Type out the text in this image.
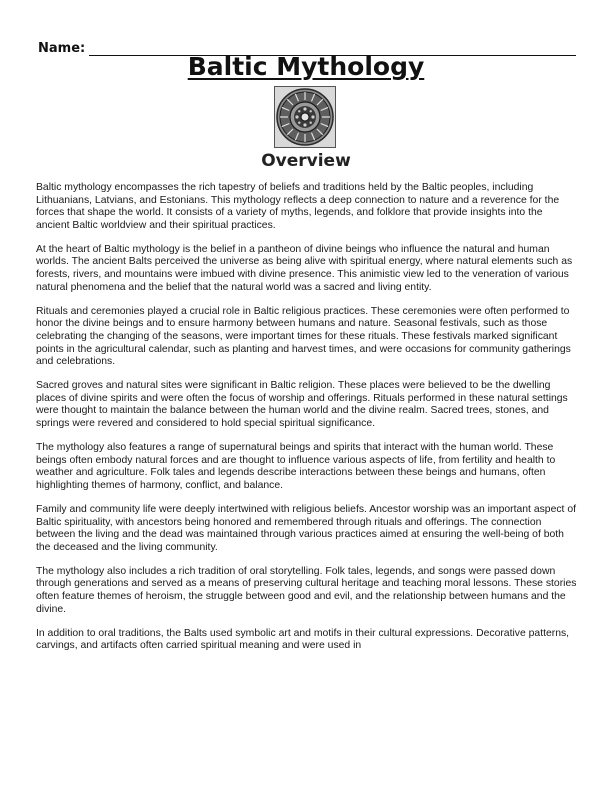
Name:
Baltic Mythology
Overview

Baltic mythology encompasses the rich tapestry of beliefs and traditions held by the Baltic peoples, including Lithuanians, Latvians, and Estonians. This mythology reflects a deep connection to nature and a reverence for the forces that shape the world. It consists of a variety of myths, legends, and folklore that provide insights into the ancient Baltic worldview and their spiritual practices.

At the heart of Baltic mythology is the belief in a pantheon of divine beings who influence the natural and human worlds. The ancient Balts perceived the universe as being alive with spiritual energy, where natural elements such as forests, rivers, and mountains were imbued with divine presence. This animistic view led to the veneration of various natural phenomena and the belief that the natural world was a sacred and living entity.

Rituals and ceremonies played a crucial role in Baltic religious practices. These ceremonies were often performed to honor the divine beings and to ensure harmony between humans and nature. Seasonal festivals, such as those celebrating the changing of the seasons, were important times for these rituals. These festivals marked significant points in the agricultural calendar, such as planting and harvest times, and were occasions for community gatherings and celebrations.

Sacred groves and natural sites were significant in Baltic religion. These places were believed to be the dwelling places of divine spirits and were often the focus of worship and offerings. Rituals performed in these natural settings were thought to maintain the balance between the human world and the divine realm. Sacred trees, stones, and springs were revered and considered to hold special spiritual significance.

The mythology also features a range of supernatural beings and spirits that interact with the human world. These beings often embody natural forces and are thought to influence various aspects of life, from fertility and health to weather and agriculture. Folk tales and legends describe interactions between these beings and humans, often highlighting themes of harmony, conflict, and balance.

Family and community life were deeply intertwined with religious beliefs. Ancestor worship was an important aspect of Baltic spirituality, with ancestors being honored and remembered through rituals and offerings. The connection between the living and the dead was maintained through various practices aimed at ensuring the well-being of both the deceased and the living community.

The mythology also includes a rich tradition of oral storytelling. Folk tales, legends, and songs were passed down through generations and served as a means of preserving cultural heritage and teaching moral lessons. These stories often feature themes of heroism, the struggle between good and evil, and the relationship between humans and the divine.

In addition to oral traditions, the Balts used symbolic art and motifs in their cultural expressions. Decorative patterns, carvings, and artifacts often carried spiritual meaning and were used in
